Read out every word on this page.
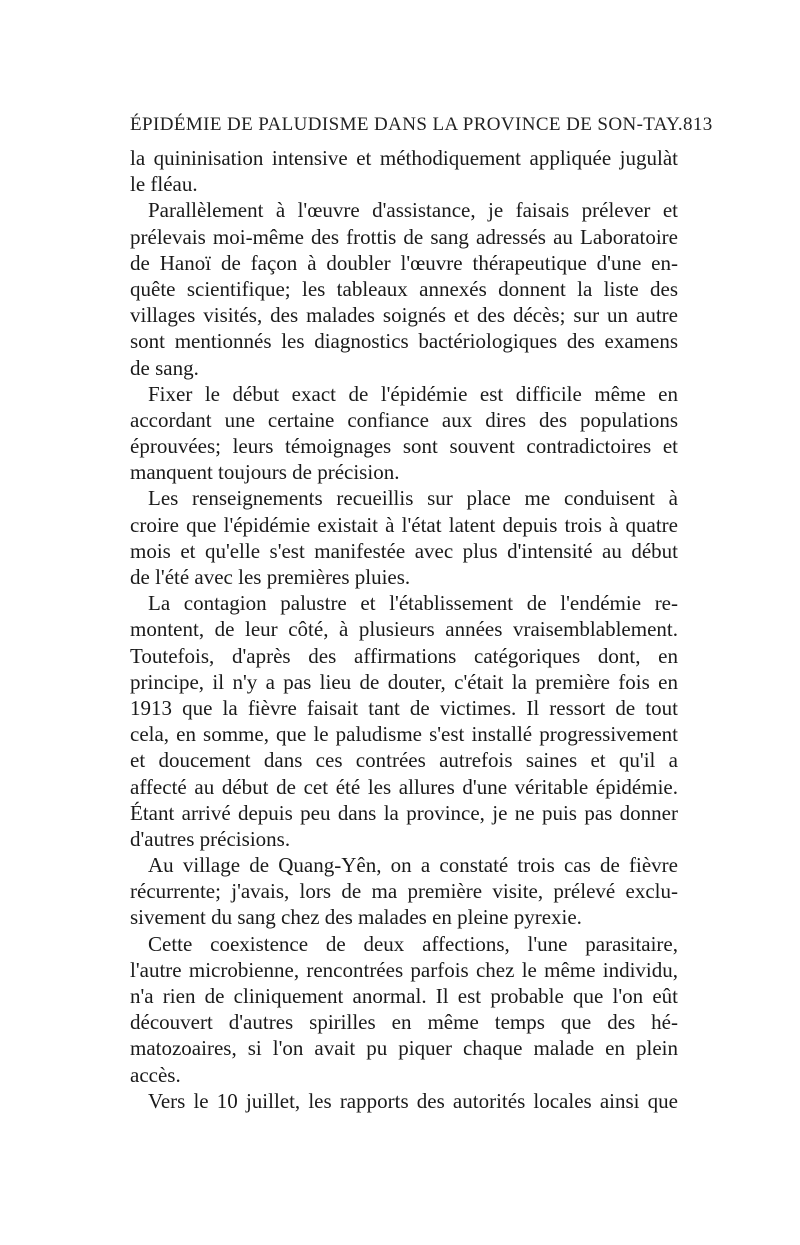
ÉPIDÉMIE DE PALUDISME DANS LA PROVINCE DE SON-TAY. 813
la quininisation intensive et méthodiquement appliquée jugulàt
le fléau.
Parallèlement à l'œuvre d'assistance, je faisais prélever et
prélevais moi-même des frottis de sang adressés au Laboratoire
de Hanoï de façon à doubler l'œuvre thérapeutique d'une en-
quête scientifique; les tableaux annexés donnent la liste des
villages visités, des malades soignés et des décès; sur un autre
sont mentionnés les diagnostics bactériologiques des examens
de sang.
Fixer le début exact de l'épidémie est difficile même en
accordant une certaine confiance aux dires des populations
éprouvées; leurs témoignages sont souvent contradictoires et
manquent toujours de précision.
Les renseignements recueillis sur place me conduisent à
croire que l'épidémie existait à l'état latent depuis trois à quatre
mois et qu'elle s'est manifestée avec plus d'intensité au début
de l'été avec les premières pluies.
La contagion palustre et l'établissement de l'endémie re-
montent, de leur côté, à plusieurs années vraisemblablement.
Toutefois, d'après des affirmations catégoriques dont, en
principe, il n'y a pas lieu de douter, c'était la première fois en
1913 que la fièvre faisait tant de victimes. Il ressort de tout
cela, en somme, que le paludisme s'est installé progressivement
et doucement dans ces contrées autrefois saines et qu'il a
affecté au début de cet été les allures d'une véritable épidémie.
Étant arrivé depuis peu dans la province, je ne puis pas donner
d'autres précisions.
Au village de Quang-Yên, on a constaté trois cas de fièvre
récurrente; j'avais, lors de ma première visite, prélevé exclu-
sivement du sang chez des malades en pleine pyrexie.
Cette coexistence de deux affections, l'une parasitaire,
l'autre microbienne, rencontrées parfois chez le même individu,
n'a rien de cliniquement anormal. Il est probable que l'on eût
découvert d'autres spirilles en même temps que des hé-
matozoaires, si l'on avait pu piquer chaque malade en plein
accès.
Vers le 10 juillet, les rapports des autorités locales ainsi que
